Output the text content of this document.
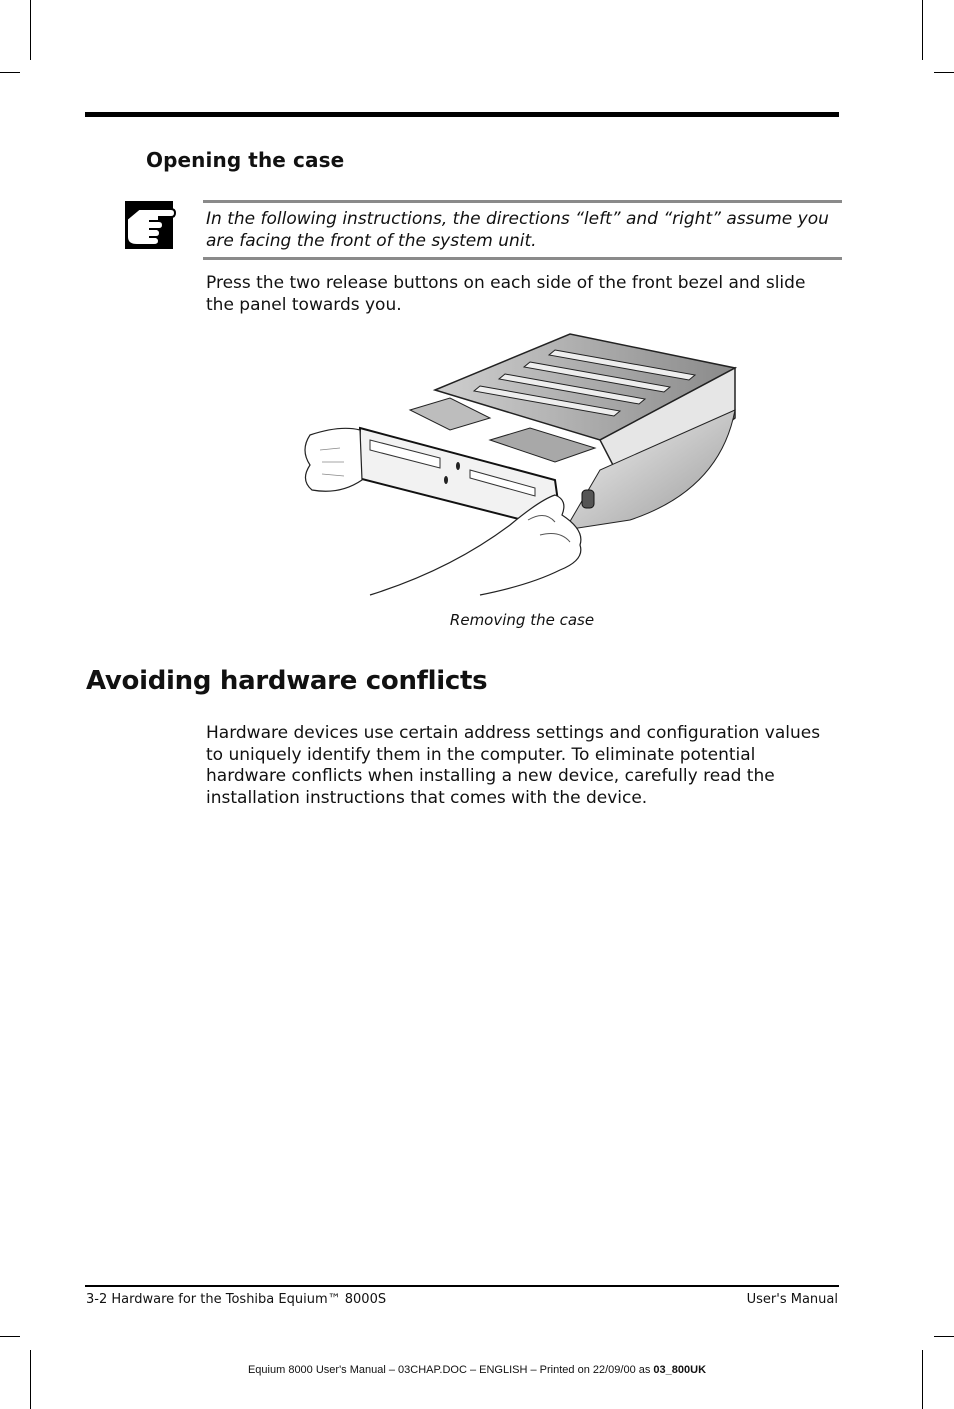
Opening the case
In the following instructions, the directions “left” and “right” assume you are facing the front of the system unit.
Press the two release buttons on each side of the front bezel and slide the panel towards you.
Removing the case
Avoiding hardware conflicts
Hardware devices use certain address settings and configuration values to uniquely identify them in the computer. To eliminate potential hardware conflicts when installing a new device, carefully read the installation instructions that comes with the device.
3-2 Hardware for the Toshiba Equium™ 8000S	User's Manual
Equium 8000 User's Manual – 03CHAP.DOC – ENGLISH – Printed on 22/09/00 as 03_800UK
